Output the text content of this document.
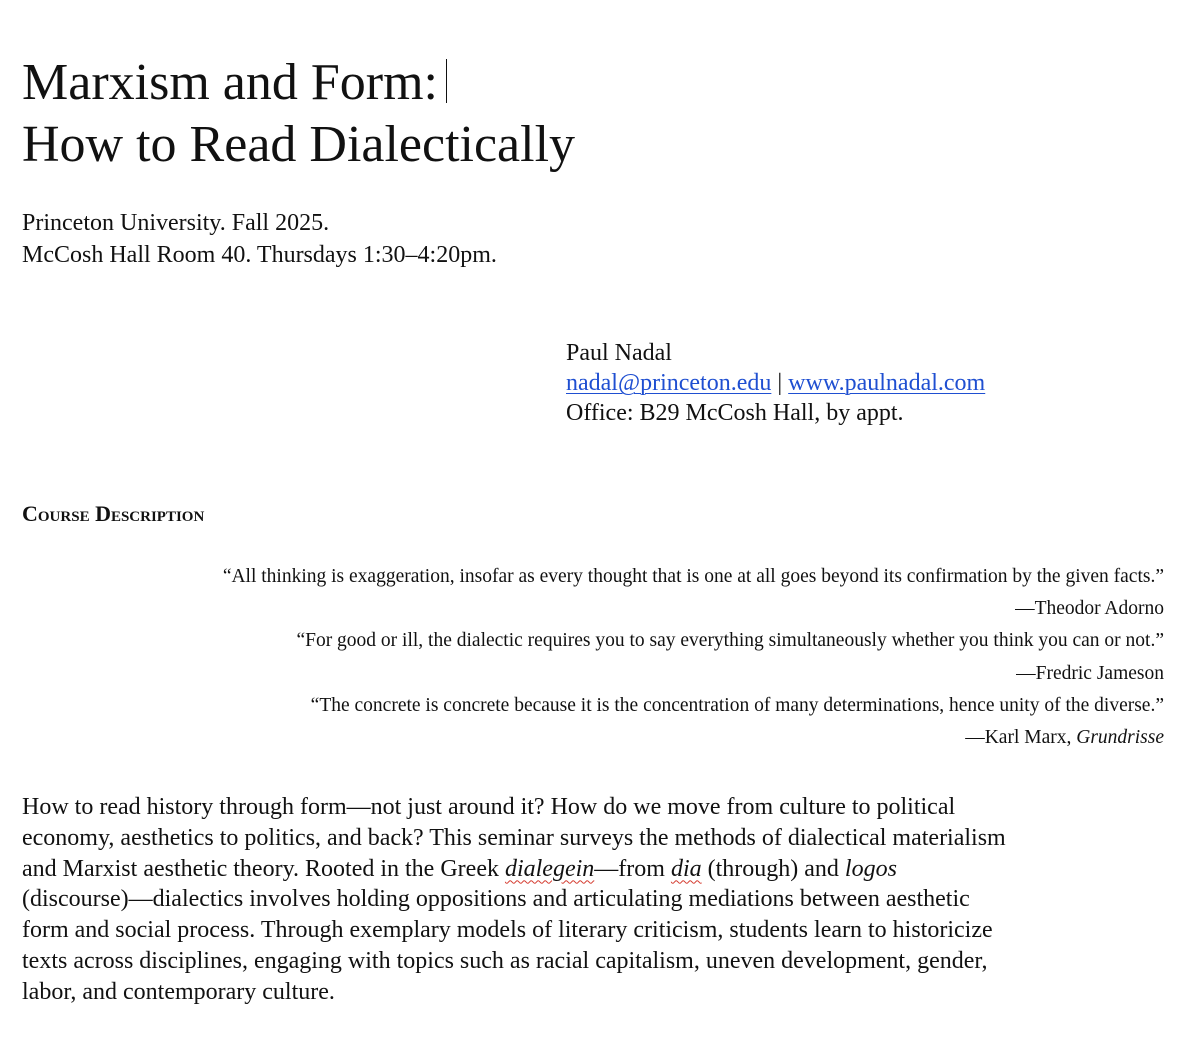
Marxism and Form:
How to Read Dialectically
Princeton University. Fall 2025.
McCosh Hall Room 40. Thursdays 1:30–4:20pm.
Paul Nadal
nadal@princeton.edu | www.paulnadal.com
Office: B29 McCosh Hall, by appt.
Course Description
“All thinking is exaggeration, insofar as every thought that is one at all goes beyond its confirmation by the given facts.”
—Theodor Adorno
“For good or ill, the dialectic requires you to say everything simultaneously whether you think you can or not.”
—Fredric Jameson
“The concrete is concrete because it is the concentration of many determinations, hence unity of the diverse.”
—Karl Marx, Grundrisse

How to read history through form—not just around it? How do we move from culture to political
economy, aesthetics to politics, and back? This seminar surveys the methods of dialectical materialism
and Marxist aesthetic theory. Rooted in the Greek dialegein—from dia (through) and logos
(discourse)—dialectics involves holding oppositions and articulating mediations between aesthetic
form and social process. Through exemplary models of literary criticism, students learn to historicize
texts across disciplines, engaging with topics such as racial capitalism, uneven development, gender,
labor, and contemporary culture.
